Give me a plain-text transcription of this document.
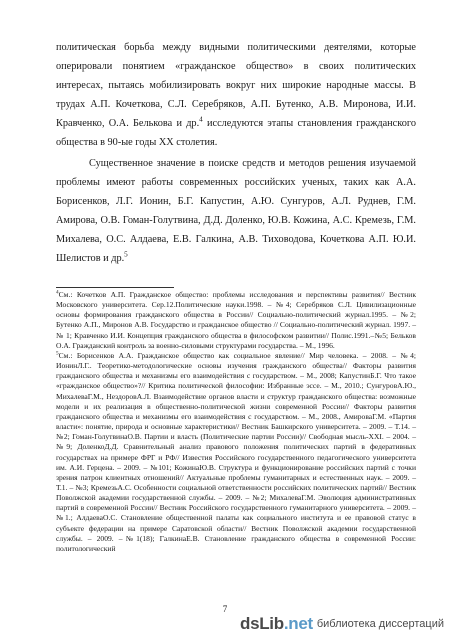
политическая борьба между видными политическими деятелями, которые оперировали понятием «гражданское общество» в своих политических интересах, пытаясь мобилизировать вокруг них широкие народные массы. В трудах А.П. Кочеткова, С.Л. Серебряков, А.П. Бутенко, А.В. Миронова, И.И. Кравченко, О.А. Белькова и др.$^4$ исследуются этапы становления гражданского общества в 90-ые годы XX столетия.

Существенное значение в поиске средств и методов решения изучаемой проблемы имеют работы современных российских ученых, таких как А.А. Борисенков, Л.Г. Ионин, Б.Г. Капустин, А.Ю. Сунгуров, А.Л. Руднев, Г.М. Амирова, О.В. Гоман-Голутвина, Д.Д. Доленко, Ю.В. Кожина, А.С. Кремезь, Г.М. Михалева, О.С. Алдаева, Е.В. Галкина, А.В. Тиховодова, Кочеткова А.П. Ю.И. Шелистов и др.$^5$

$^4$См.: Кочетков А.П. Гражданское общество: проблемы исследования и перспективы развития// Вестник Московского университета. Сер.12.Политические науки.1998. – №4; Серебряков С.Л. Цивилизационные основы формирования гражданского общества в России// Социально-политический журнал.1995. – №2; Бутенко А.П., Миронов А.В. Государство и гражданское общество // Социально-политический журнал. 1997. – № 1; Кравченко И.И. Концепция гражданского общества в философском развитии// Полис.1991.–№5; Бельков О.А. Гражданский контроль за военно-силовыми структурами государства. – М., 1996.

$^5$См.: Борисенков А.А. Гражданское общество как социальное явление// Мир человека. – 2008. – №4; ИонинЛ.Г.. Теоретико-методологические основы изучения гражданского общества// Факторы развития гражданского общества и механизмы его взаимодействия с государством. – М., 2008; КапустинБ.Г. Что такое «гражданское общество»?// Критика политической философии: Избранные эссе. – М., 2010.; СунгуровА.Ю., МихалеваГ.М., НездоровА.Л. Взаимодействие органов власти и структур гражданского общества: возможные модели и их реализация в общественно-политической жизни современной России// Факторы развития гражданского общества и механизмы его взаимодействия с государством. – М., 2008., АмироваГ.М. «Партия власти»: понятие, природа и основные характеристики// Вестник Башкирского университета. – 2009. – Т.14. – №2; Гоман-ГолутвинаО.В. Партии и власть (Политические партии России)// Свободная мысль-XXI. – 2004. – №9; ДоленкоД.Д. Сравнительный анализ правового положения политических партий в федеративных государствах на примере ФРГ и РФ// Известия Российского государственного педагогического университета им. А.И. Герцена. – 2009. – №101; КожинаЮ.В. Структура и функционирование российских партий с точки зрения патрон клиентных отношений// Актуальные проблемы гуманитарных и естественных наук. – 2009. – Т.1. – №3; КремезьА.С. Особенности социальной ответственности российских политических партий// Вестник Поволжской академии государственной службы. – 2009. – №2; МихалеваГ.М. Эволюция административных партий в современной России// Вестник Российского государственного гуманитарного университета. – 2009. – №1.; АлдаеваО.С. Становление общественной палаты как социального института и ее правовой статус в субъекте федерации на примере Саратовской области// Вестник Поволжской академии государственной службы. – 2009. –№1(18); ГалкинаЕ.В. Становление гражданского общества в современной России: политологический

7
dsLib.net библиотека диссертаций
